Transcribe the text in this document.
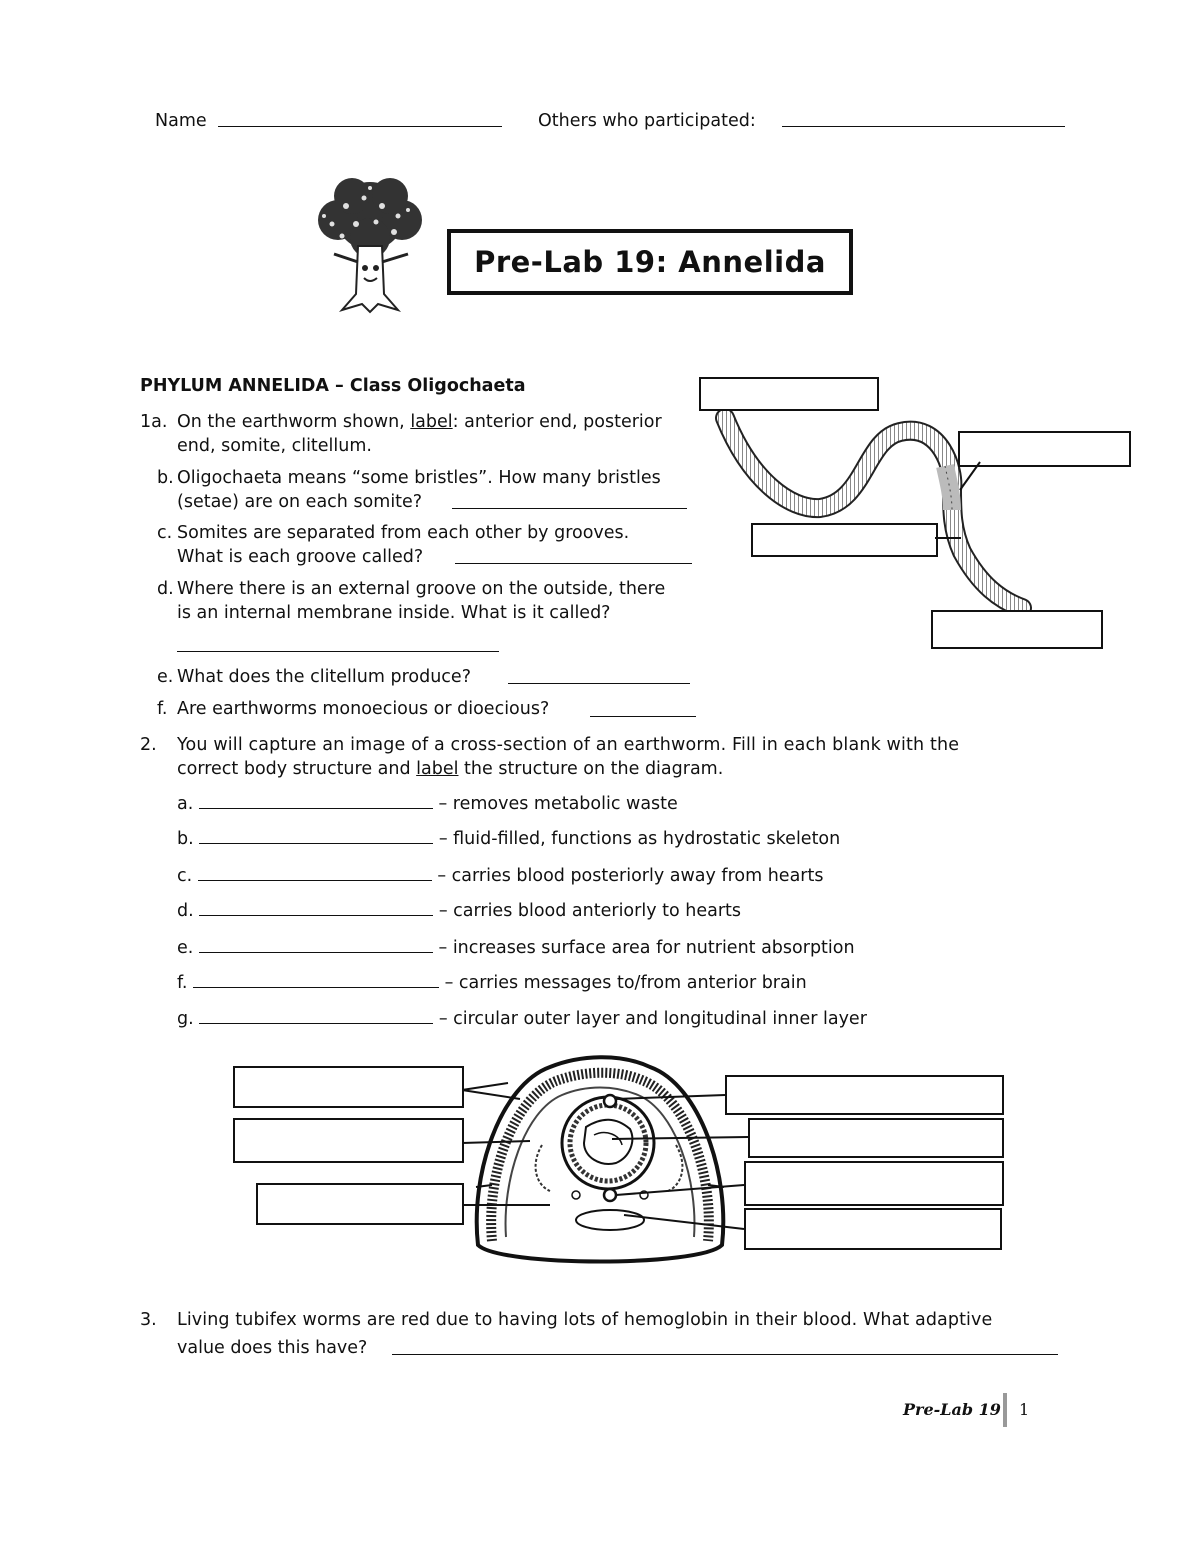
Name	Others who participated:
Pre-Lab 19: Annelida
PHYLUM ANNELIDA – Class Oligochaeta
1a. On the earthworm shown, label: anterior end, posterior
end, somite, clitellum.
b. Oligochaeta means “some bristles”. How many bristles
(setae) are on each somite?
c. Somites are separated from each other by grooves.
What is each groove called?
d. Where there is an external groove on the outside, there
is an internal membrane inside. What is it called?
e. What does the clitellum produce?
f. Are earthworms monoecious or dioecious?
2. You will capture an image of a cross-section of an earthworm. Fill in each blank with the
correct body structure and label the structure on the diagram.
a.	– removes metabolic waste
b.	– fluid-filled, functions as hydrostatic skeleton
c.	– carries blood posteriorly away from hearts
d.	– carries blood anteriorly to hearts
e.	– increases surface area for nutrient absorption
f.	– carries messages to/from anterior brain
g.	– circular outer layer and longitudinal inner layer
3. Living tubifex worms are red due to having lots of hemoglobin in their blood. What adaptive
value does this have?
Pre-Lab 19 1
